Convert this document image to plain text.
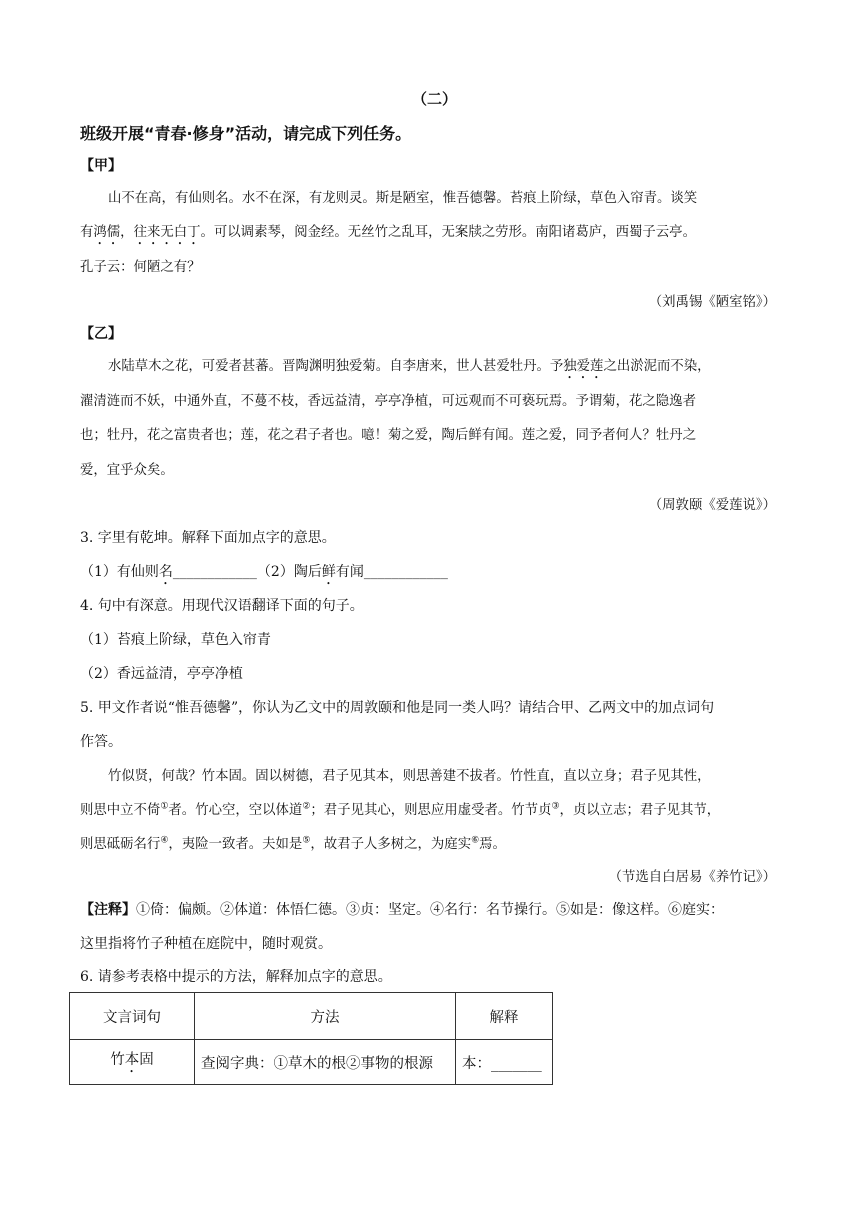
（二）
班级开展“青春·修身”活动，请完成下列任务。
【甲】
山不在高，有仙则名。水不在深，有龙则灵。斯是陋室，惟吾德馨。苔痕上阶绿，草色入帘青。谈笑
有鸿儒，往来无白丁。可以调素琴，阅金经。无丝竹之乱耳，无案牍之劳形。南阳诸葛庐，西蜀子云亭。
孔子云：何陋之有？
（刘禹锡《陋室铭》）
【乙】
水陆草木之花，可爱者甚蕃。晋陶渊明独爱菊。自李唐来，世人甚爱牡丹。予独爱莲之出淤泥而不染，
濯清涟而不妖，中通外直，不蔓不枝，香远益清，亭亭净植，可远观而不可亵玩焉。予谓菊，花之隐逸者
也；牡丹，花之富贵者也；莲，花之君子者也。噫！菊之爱，陶后鲜有闻。莲之爱，同予者何人？牡丹之
爱，宜乎众矣。
（周敦颐《爱莲说》）
3. 字里有乾坤。解释下面加点字的意思。
（1）有仙则名____________（2）陶后鲜有闻____________
4. 句中有深意。用现代汉语翻译下面的句子。
（1）苔痕上阶绿，草色入帘青
（2）香远益清，亭亭净植
5. 甲文作者说“惟吾德馨”，你认为乙文中的周敦颐和他是同一类人吗？请结合甲、乙两文中的加点词句
作答。
竹似贤，何哉？竹本固。固以树德，君子见其本，则思善建不拔者。竹性直，直以立身；君子见其性，
则思中立不倚①者。竹心空，空以体道②；君子见其心，则思应用虚受者。竹节贞③，贞以立志；君子见其节，
则思砥砺名行④，夷险一致者。夫如是⑤，故君子人多树之，为庭实⑥焉。
（节选自白居易《养竹记》）
【注释】①倚：偏颇。②体道：体悟仁德。③贞：坚定。④名行：名节操行。⑤如是：像这样。⑥庭实：
这里指将竹子种植在庭院中，随时观赏。
6. 请参考表格中提示的方法，解释加点字的意思。
文言词句	方法	解释
竹本固	查阅字典：①草木的根②事物的根源	本：_______
